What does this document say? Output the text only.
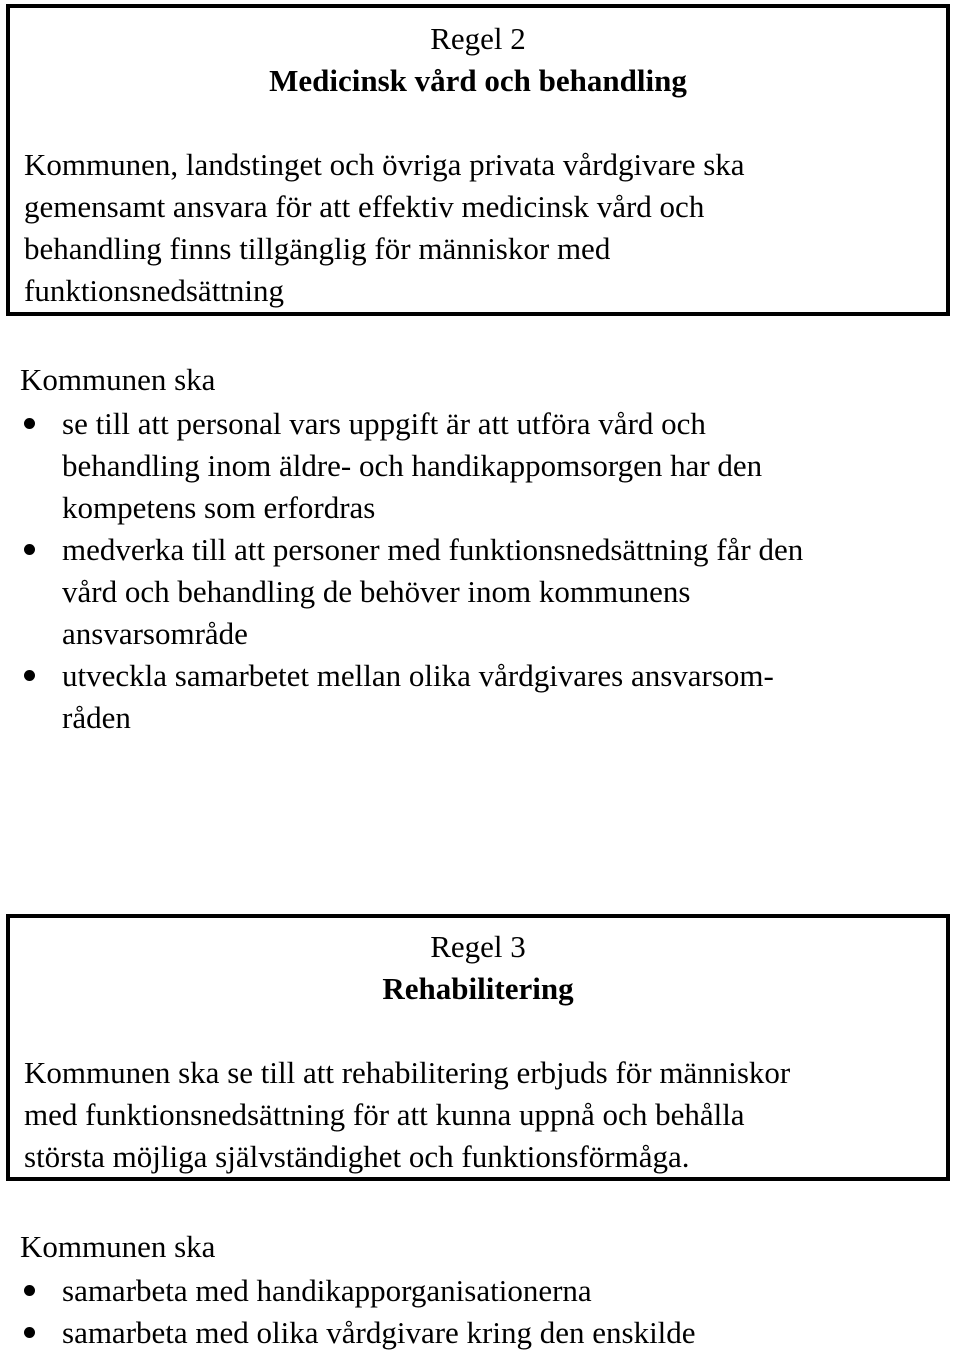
Regel 2

Medicinsk vård och behandling

Kommunen, landstinget och övriga privata vårdgivare ska
gemensamt ansvara för att effektiv medicinsk vård och
behandling finns tillgänglig för människor med
funktionsnedsättning

Kommunen ska

se till att personal vars uppgift är att utföra vård och
behandling inom äldre- och handikappomsorgen har den
kompetens som erfordras
medverka till att personer med funktionsnedsättning får den
vård och behandling de behöver inom kommunens
ansvarsområde
utveckla samarbetet mellan olika vårdgivares ansvarsom-
råden

Regel 3

Rehabilitering

Kommunen ska se till att rehabilitering erbjuds för människor
med funktionsnedsättning för att kunna uppnå och behålla
största möjliga självständighet och funktionsförmåga.

Kommunen ska

samarbeta med handikapporganisationerna
samarbeta med olika vårdgivare kring den enskilde
